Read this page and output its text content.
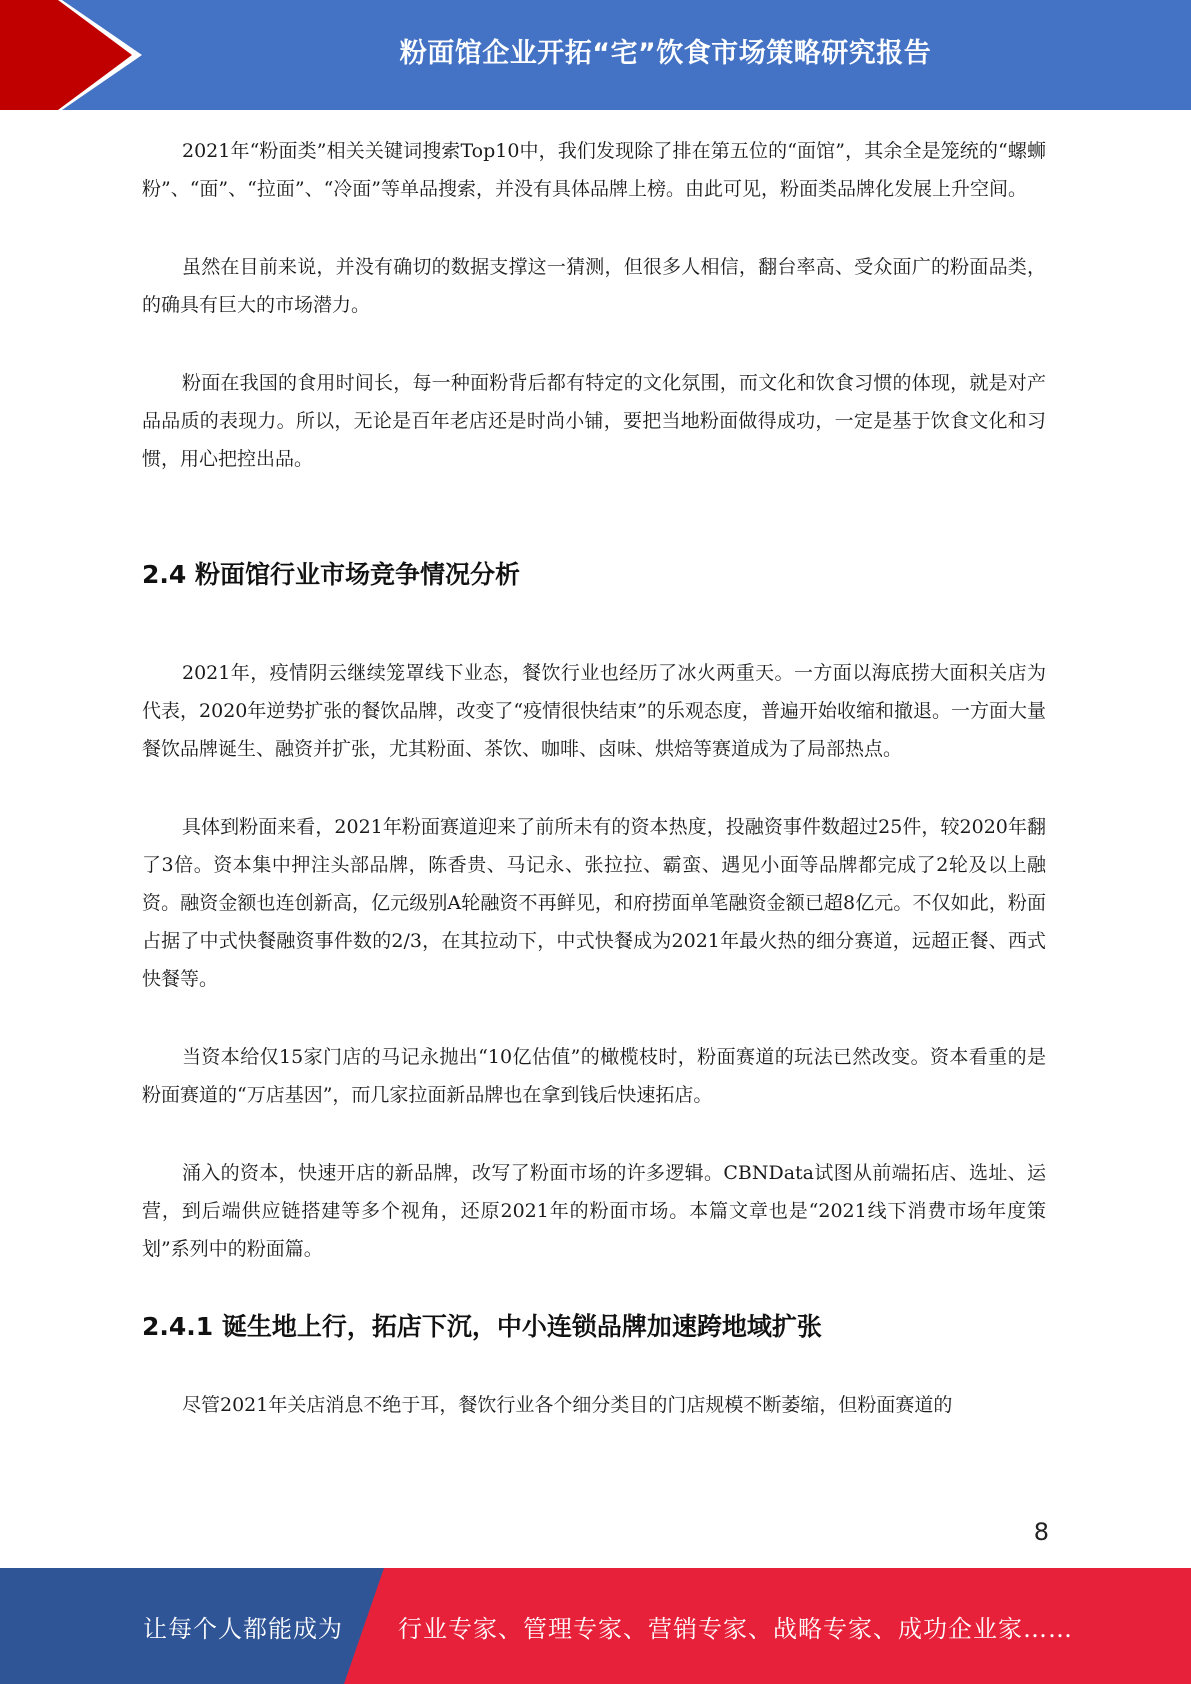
粉面馆企业开拓“宅”饮食市场策略研究报告

2021年“粉面类”相关关键词搜索Top10中，我们发现除了排在第五位的“面馆”，其余全是笼统的“螺蛳粉”、“面”、“拉面”、“冷面”等单品搜索，并没有具体品牌上榜。由此可见，粉面类品牌化发展上升空间。

虽然在目前来说，并没有确切的数据支撑这一猜测，但很多人相信，翻台率高、受众面广的粉面品类，的确具有巨大的市场潜力。

粉面在我国的食用时间长，每一种面粉背后都有特定的文化氛围，而文化和饮食习惯的体现，就是对产品品质的表现力。所以，无论是百年老店还是时尚小铺，要把当地粉面做得成功，一定是基于饮食文化和习惯，用心把控出品。

2.4 粉面馆行业市场竞争情况分析

2021年，疫情阴云继续笼罩线下业态，餐饮行业也经历了冰火两重天。一方面以海底捞大面积关店为代表，2020年逆势扩张的餐饮品牌，改变了“疫情很快结束”的乐观态度，普遍开始收缩和撤退。一方面大量餐饮品牌诞生、融资并扩张，尤其粉面、茶饮、咖啡、卤味、烘焙等赛道成为了局部热点。

具体到粉面来看，2021年粉面赛道迎来了前所未有的资本热度，投融资事件数超过25件，较2020年翻了3倍。资本集中押注头部品牌，陈香贵、马记永、张拉拉、霸蛮、遇见小面等品牌都完成了2轮及以上融资。融资金额也连创新高，亿元级别A轮融资不再鲜见，和府捞面单笔融资金额已超8亿元。不仅如此，粉面占据了中式快餐融资事件数的2/3，在其拉动下，中式快餐成为2021年最火热的细分赛道，远超正餐、西式快餐等。

当资本给仅15家门店的马记永抛出“10亿估值”的橄榄枝时，粉面赛道的玩法已然改变。资本看重的是粉面赛道的“万店基因”，而几家拉面新品牌也在拿到钱后快速拓店。

涌入的资本，快速开店的新品牌，改写了粉面市场的许多逻辑。CBNData试图从前端拓店、选址、运营，到后端供应链搭建等多个视角，还原2021年的粉面市场。本篇文章也是“2021线下消费市场年度策划”系列中的粉面篇。

2.4.1 诞生地上行，拓店下沉，中小连锁品牌加速跨地域扩张

尽管2021年关店消息不绝于耳，餐饮行业各个细分类目的门店规模不断萎缩，但粉面赛道的

8
让每个人都能成为 行业专家、管理专家、营销专家、战略专家、成功企业家……
